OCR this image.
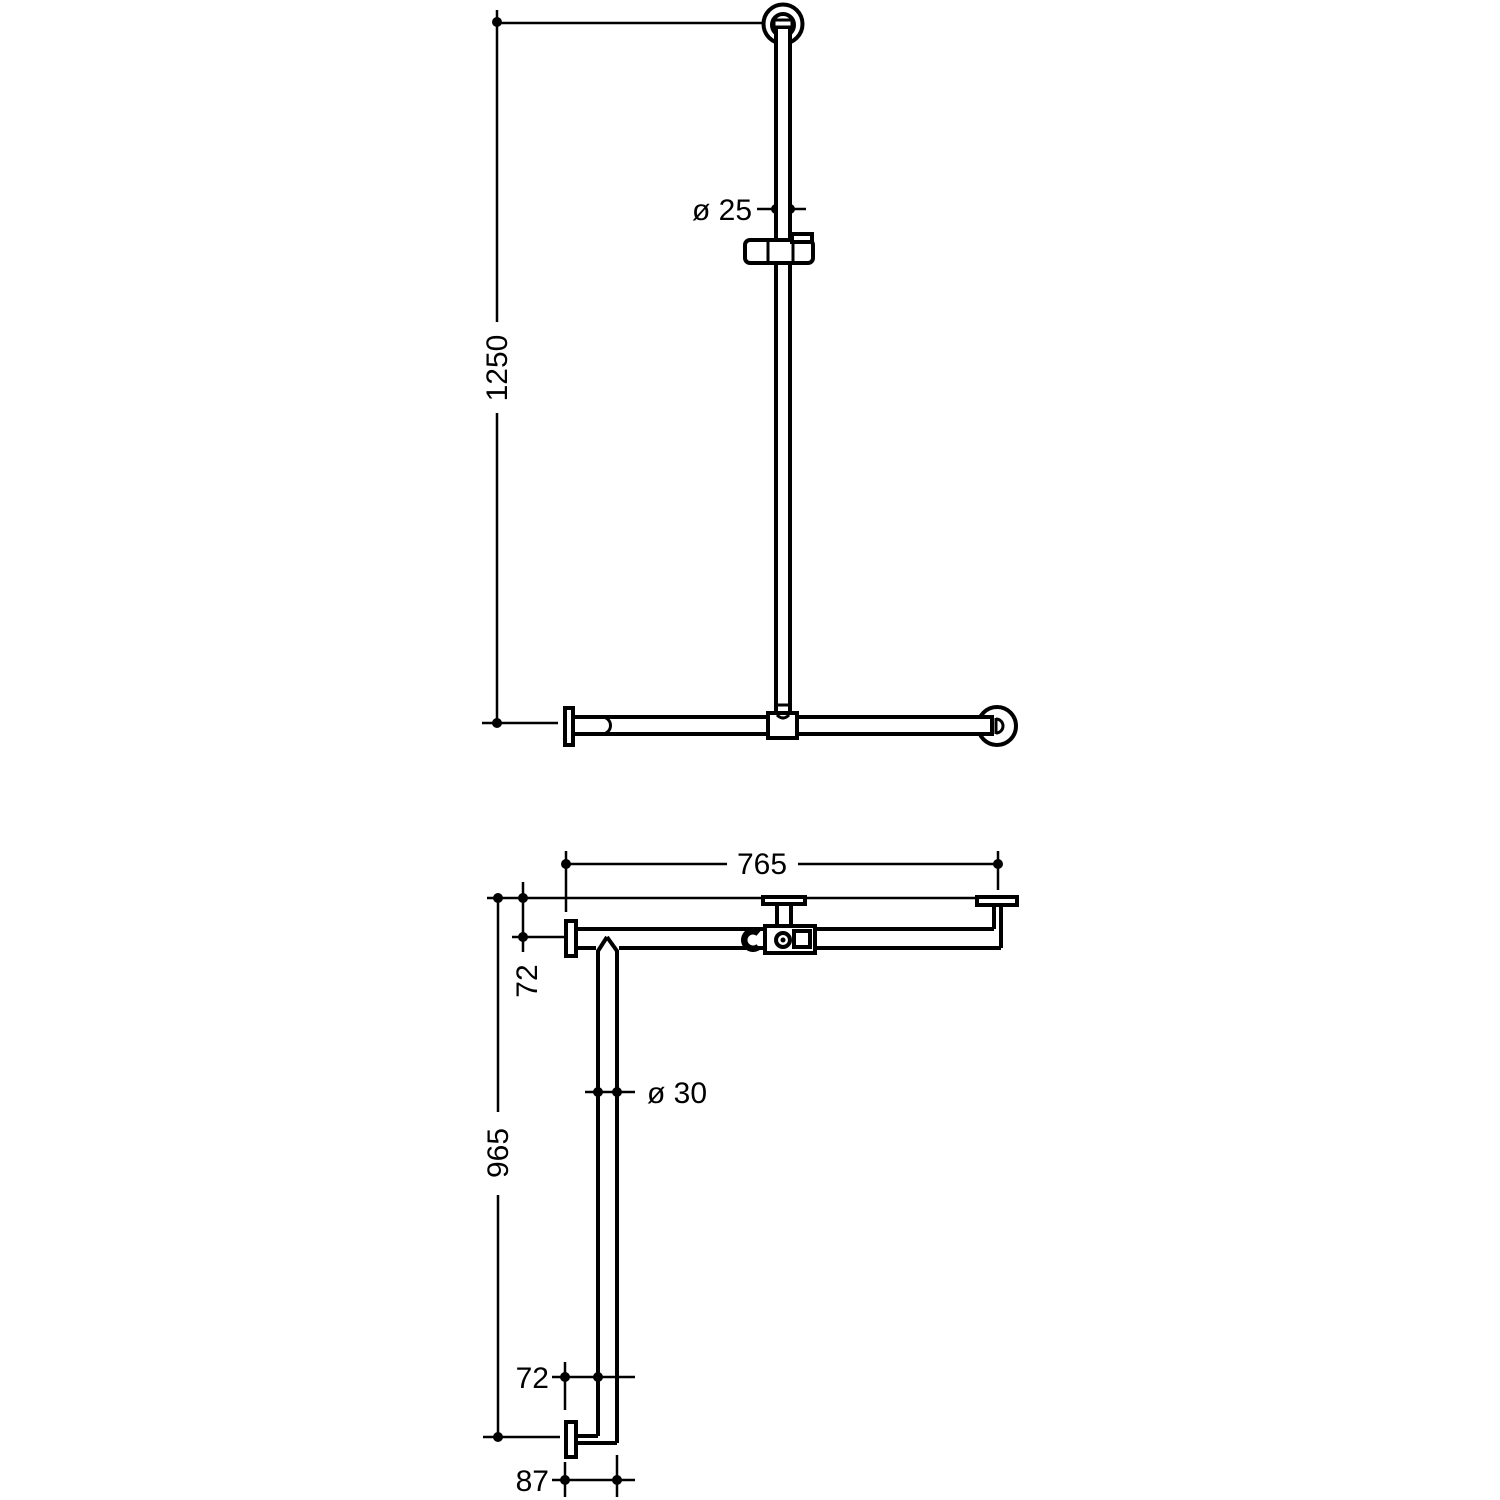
1250
ø 25
765
72
965
ø 30
72
87
